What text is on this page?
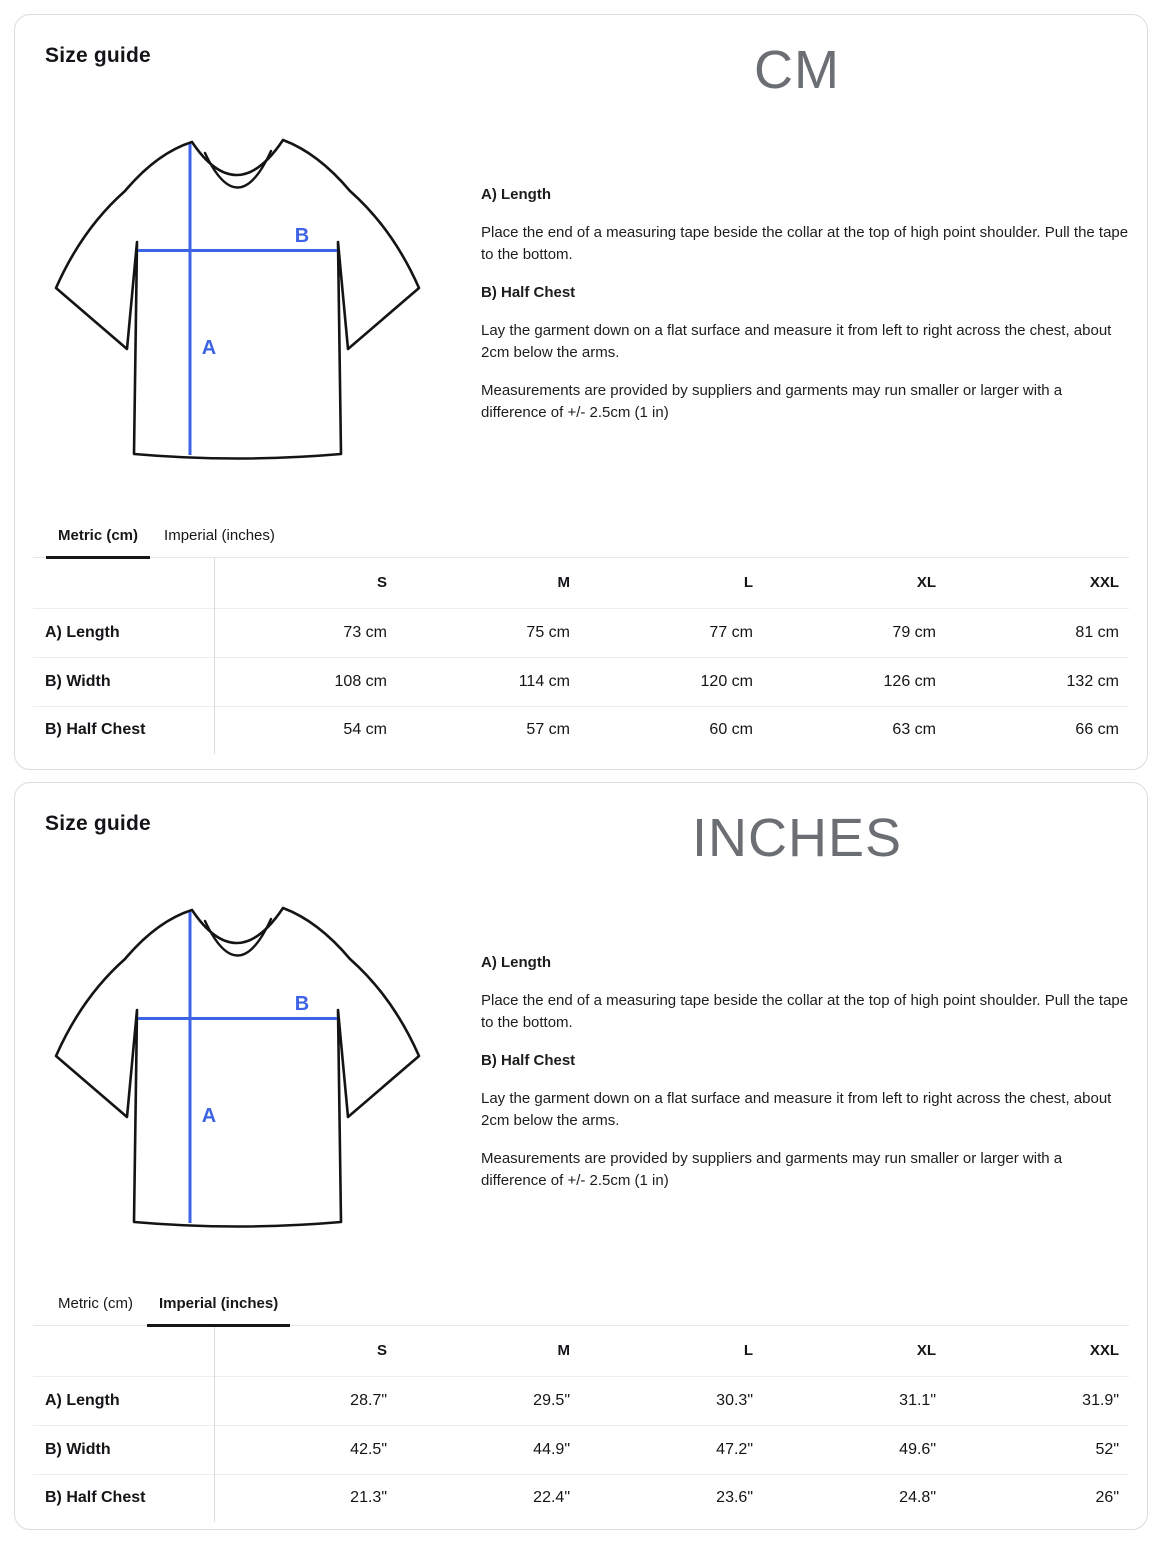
Size guide	CM
A
B
A) Length

Place the end of a measuring tape beside the collar at the top of high point shoulder. Pull the tape to the bottom.

B) Half Chest

Lay the garment down on a flat surface and measure it from left to right across the chest, about 2cm below the arms.

Measurements are provided by suppliers and garments may run smaller or larger with a difference of +/- 2.5cm (1 in)

Metric (cm)	Imperial (inches)
	S	M	L	XL	XXL
A) Length	73 cm	75 cm	77 cm	79 cm	81 cm
B) Width	108 cm	114 cm	120 cm	126 cm	132 cm
B) Half Chest	54 cm	57 cm	60 cm	63 cm	66 cm
Size guide	INCHES
A
B
A) Length

Place the end of a measuring tape beside the collar at the top of high point shoulder. Pull the tape to the bottom.

B) Half Chest

Lay the garment down on a flat surface and measure it from left to right across the chest, about 2cm below the arms.

Measurements are provided by suppliers and garments may run smaller or larger with a difference of +/- 2.5cm (1 in)

Metric (cm)	Imperial (inches)
	S	M	L	XL	XXL
A) Length	28.7"	29.5"	30.3"	31.1"	31.9"
B) Width	42.5"	44.9"	47.2"	49.6"	52"
B) Half Chest	21.3"	22.4"	23.6"	24.8"	26"
